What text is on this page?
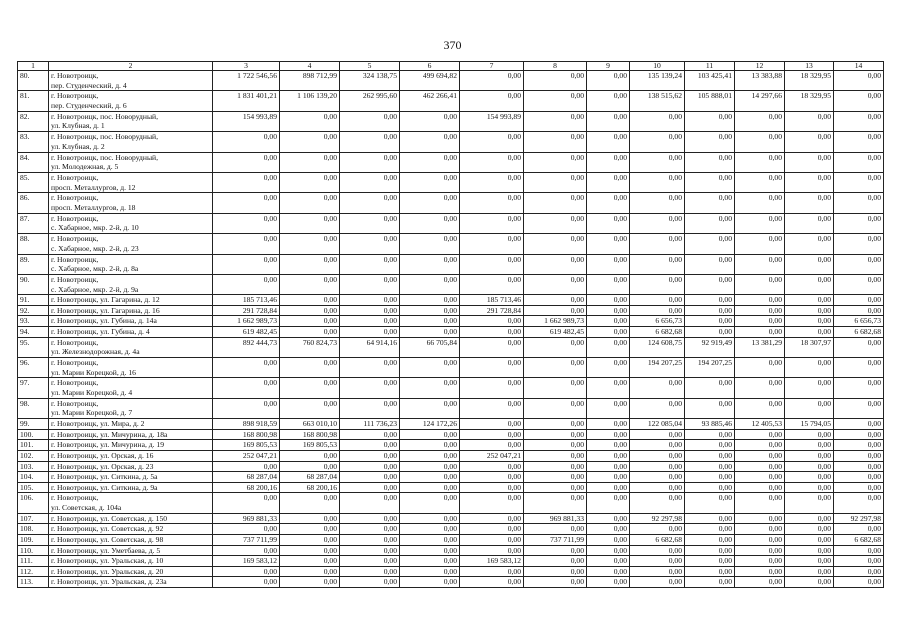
370
1	2	3	4	5	6	7	8	9	10	11	12	13	14
80.	г. Новотроицк,
пер. Студенческий, д. 4	1 722 546,56	898 712,99	324 138,75	499 694,82	0,00	0,00	0,00	135 139,24	103 425,41	13 383,88	18 329,95	0,00
81.	г. Новотроицк,
пер. Студенческий, д. 6	1 831 401,21	1 106 139,20	262 995,60	462 266,41	0,00	0,00	0,00	138 515,62	105 888,01	14 297,66	18 329,95	0,00
82.	г. Новотроицк, пос. Новорудный,
ул. Клубная, д. 1	154 993,89	0,00	0,00	0,00	154 993,89	0,00	0,00	0,00	0,00	0,00	0,00	0,00
83.	г. Новотроицк, пос. Новорудный,
ул. Клубная, д. 2	0,00	0,00	0,00	0,00	0,00	0,00	0,00	0,00	0,00	0,00	0,00	0,00
84.	г. Новотроицк, пос. Новорудный,
ул. Молодежная, д. 5	0,00	0,00	0,00	0,00	0,00	0,00	0,00	0,00	0,00	0,00	0,00	0,00
85.	г. Новотроицк,
просп. Металлургов, д. 12	0,00	0,00	0,00	0,00	0,00	0,00	0,00	0,00	0,00	0,00	0,00	0,00
86.	г. Новотроицк,
просп. Металлургов, д. 18	0,00	0,00	0,00	0,00	0,00	0,00	0,00	0,00	0,00	0,00	0,00	0,00
87.	г. Новотроицк,
с. Хабарное, мкр. 2-й, д. 10	0,00	0,00	0,00	0,00	0,00	0,00	0,00	0,00	0,00	0,00	0,00	0,00
88.	г. Новотроицк,
с. Хабарное, мкр. 2-й, д. 23	0,00	0,00	0,00	0,00	0,00	0,00	0,00	0,00	0,00	0,00	0,00	0,00
89.	г. Новотроицк,
с. Хабарное, мкр. 2-й, д. 8а	0,00	0,00	0,00	0,00	0,00	0,00	0,00	0,00	0,00	0,00	0,00	0,00
90.	г. Новотроицк,
с. Хабарное, мкр. 2-й, д. 9а	0,00	0,00	0,00	0,00	0,00	0,00	0,00	0,00	0,00	0,00	0,00	0,00
91.	г. Новотроицк, ул. Гагарина, д. 12	185 713,46	0,00	0,00	0,00	185 713,46	0,00	0,00	0,00	0,00	0,00	0,00	0,00
92.	г. Новотроицк, ул. Гагарина, д. 16	291 728,84	0,00	0,00	0,00	291 728,84	0,00	0,00	0,00	0,00	0,00	0,00	0,00
93.	г. Новотроицк, ул. Губина, д. 14а	1 662 989,73	0,00	0,00	0,00	0,00	1 662 989,73	0,00	6 656,73	0,00	0,00	0,00	6 656,73
94.	г. Новотроицк, ул. Губина, д. 4	619 482,45	0,00	0,00	0,00	0,00	619 482,45	0,00	6 682,68	0,00	0,00	0,00	6 682,68
95.	г. Новотроицк,
ул. Железнодорожная, д. 4а	892 444,73	760 824,73	64 914,16	66 705,84	0,00	0,00	0,00	124 608,75	92 919,49	13 381,29	18 307,97	0,00
96.	г. Новотроицк,
ул. Марии Корецкой, д. 16	0,00	0,00	0,00	0,00	0,00	0,00	0,00	194 207,25	194 207,25	0,00	0,00	0,00
97.	г. Новотроицк,
ул. Марии Корецкой, д. 4	0,00	0,00	0,00	0,00	0,00	0,00	0,00	0,00	0,00	0,00	0,00	0,00
98.	г. Новотроицк,
ул. Марии Корецкой, д. 7	0,00	0,00	0,00	0,00	0,00	0,00	0,00	0,00	0,00	0,00	0,00	0,00
99.	г. Новотроицк, ул. Мира, д. 2	898 918,59	663 010,10	111 736,23	124 172,26	0,00	0,00	0,00	122 085,04	93 885,46	12 405,53	15 794,05	0,00
100.	г. Новотроицк, ул. Мичурина, д. 18а	168 800,98	168 800,98	0,00	0,00	0,00	0,00	0,00	0,00	0,00	0,00	0,00	0,00
101.	г. Новотроицк, ул. Мичурина, д. 19	169 805,53	169 805,53	0,00	0,00	0,00	0,00	0,00	0,00	0,00	0,00	0,00	0,00
102.	г. Новотроицк, ул. Орская, д. 16	252 047,21	0,00	0,00	0,00	252 047,21	0,00	0,00	0,00	0,00	0,00	0,00	0,00
103.	г. Новотроицк, ул. Орская, д. 23	0,00	0,00	0,00	0,00	0,00	0,00	0,00	0,00	0,00	0,00	0,00	0,00
104.	г. Новотроицк, ул. Ситкина, д. 5а	68 287,04	68 287,04	0,00	0,00	0,00	0,00	0,00	0,00	0,00	0,00	0,00	0,00
105.	г. Новотроицк, ул. Ситкина, д. 9а	68 200,16	68 200,16	0,00	0,00	0,00	0,00	0,00	0,00	0,00	0,00	0,00	0,00
106.	г. Новотроицк,
ул. Советская, д. 104а	0,00	0,00	0,00	0,00	0,00	0,00	0,00	0,00	0,00	0,00	0,00	0,00
107.	г. Новотроицк, ул. Советская, д. 150	969 881,33	0,00	0,00	0,00	0,00	969 881,33	0,00	92 297,98	0,00	0,00	0,00	92 297,98
108.	г. Новотроицк, ул. Советская, д. 92	0,00	0,00	0,00	0,00	0,00	0,00	0,00	0,00	0,00	0,00	0,00	0,00
109.	г. Новотроицк, ул. Советская, д. 98	737 711,99	0,00	0,00	0,00	0,00	737 711,99	0,00	6 682,68	0,00	0,00	0,00	6 682,68
110.	г. Новотроицк, ул. Уметбаева, д. 5	0,00	0,00	0,00	0,00	0,00	0,00	0,00	0,00	0,00	0,00	0,00	0,00
111.	г. Новотроицк, ул. Уральская, д. 10	169 583,12	0,00	0,00	0,00	169 583,12	0,00	0,00	0,00	0,00	0,00	0,00	0,00
112.	г. Новотроицк, ул. Уральская, д. 20	0,00	0,00	0,00	0,00	0,00	0,00	0,00	0,00	0,00	0,00	0,00	0,00
113.	г. Новотроицк, ул. Уральская, д. 23а	0,00	0,00	0,00	0,00	0,00	0,00	0,00	0,00	0,00	0,00	0,00	0,00
